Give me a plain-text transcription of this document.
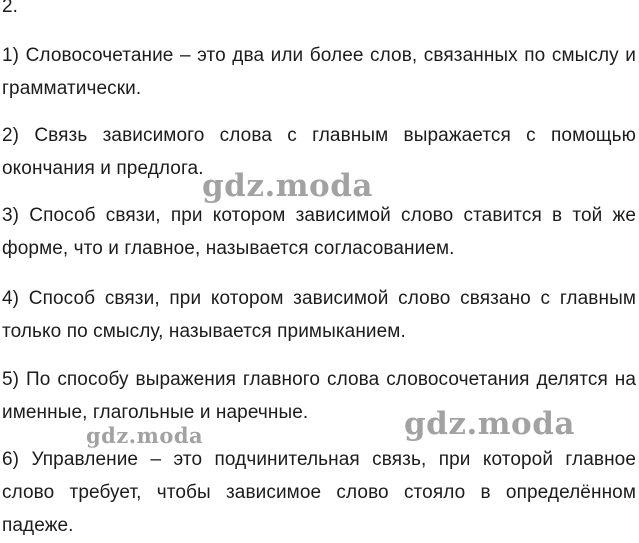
2.

1) Словосочетание – это два или более слов, связанных по смыслу и грамматически.

2) Связь зависимого слова с главным выражается с помощью окончания и предлога.

3) Способ связи, при котором зависимой слово ставится в той же форме, что и главное, называется согласованием.

4) Способ связи, при котором зависимой слово связано с главным только по смыслу, называется примыканием.

5) По способу выражения главного слова словосочетания делятся на именные, глагольные и наречные.

6) Управление – это подчинительная связь, при которой главное слово требует, чтобы зависимое слово стояло в определённом падеже.

gdz.moda
gdz.moda	gdz.moda
